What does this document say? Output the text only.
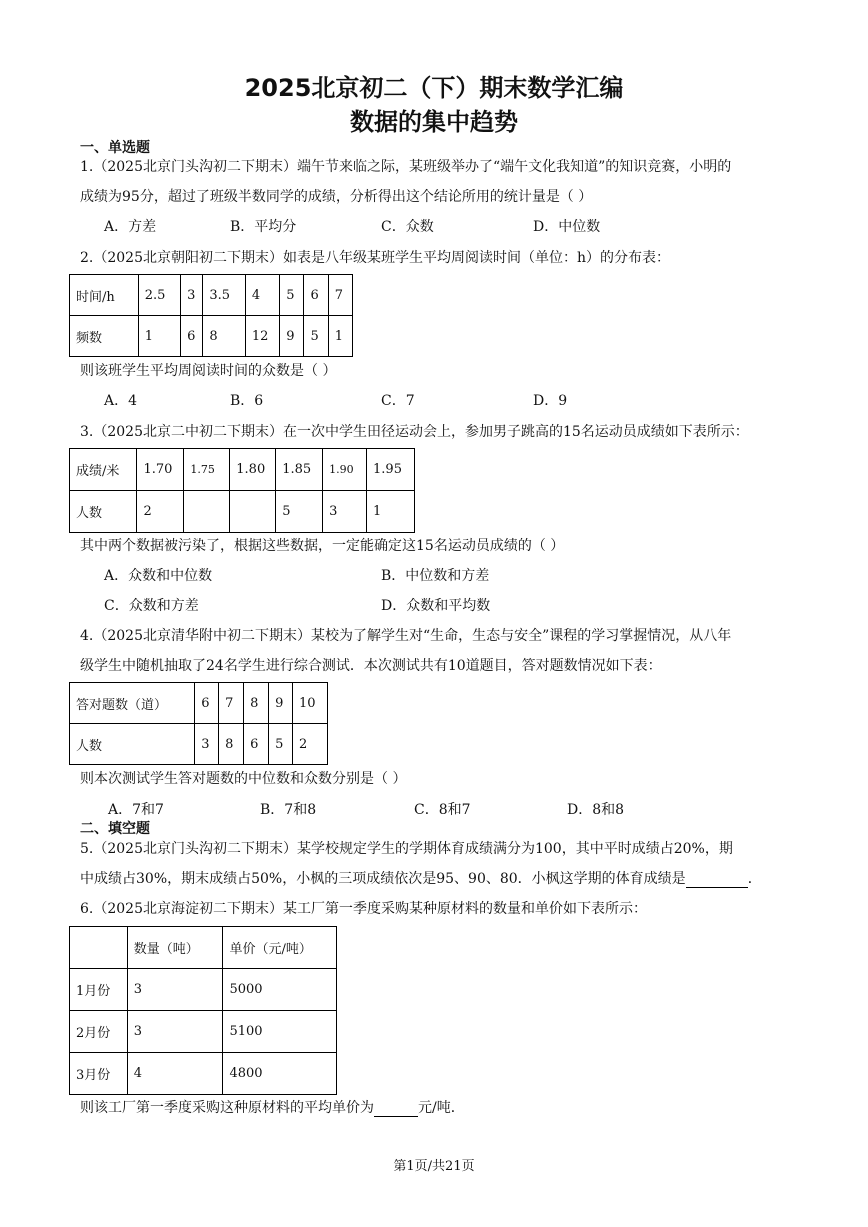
2025北京初二（下）期末数学汇编
数据的集中趋势
一、单选题
1.（2025北京门头沟初二下期末）端午节来临之际，某班级举办了“端午文化我知道”的知识竞赛，小明的
成绩为95分，超过了班级半数同学的成绩，分析得出这个结论所用的统计量是（ ）
A．方差	B．平均分	C．众数	D．中位数
2.（2025北京朝阳初二下期末）如表是八年级某班学生平均周阅读时间（单位：h）的分布表：
时间/h	2.5	3	3.5	4	5	6	7
频数	1	6	8	12	9	5	1
则该班学生平均周阅读时间的众数是（ ）
A．4	B．6	C．7	D．9
3.（2025北京二中初二下期末）在一次中学生田径运动会上，参加男子跳高的15名运动员成绩如下表所示：
成绩/米	1.70	1.75	1.80	1.85	1.90	1.95
人数	2			5	3	1
其中两个数据被污染了，根据这些数据，一定能确定这15名运动员成绩的（ ）
A．众数和中位数	B．中位数和方差
C．众数和方差	D．众数和平均数
4.（2025北京清华附中初二下期末）某校为了解学生对“生命，生态与安全”课程的学习掌握情况，从八年
级学生中随机抽取了24名学生进行综合测试．本次测试共有10道题目，答对题数情况如下表：
答对题数（道）	6	7	8	9	10
人数	3	8	6	5	2
则本次测试学生答对题数的中位数和众数分别是（ ）
A．7和7	B．7和8	C．8和7	D．8和8
二、填空题
5.（2025北京门头沟初二下期末）某学校规定学生的学期体育成绩满分为100，其中平时成绩占20%，期
中成绩占30%，期末成绩占50%，小枫的三项成绩依次是95、90、80．小枫这学期的体育成绩是	．
6.（2025北京海淀初二下期末）某工厂第一季度采购某种原材料的数量和单价如下表所示：
	数量（吨）	单价（元/吨）
1月份	3	5000
2月份	3	5100
3月份	4	4800
则该工厂第一季度采购这种原材料的平均单价为	元/吨．
第1页/共21页
